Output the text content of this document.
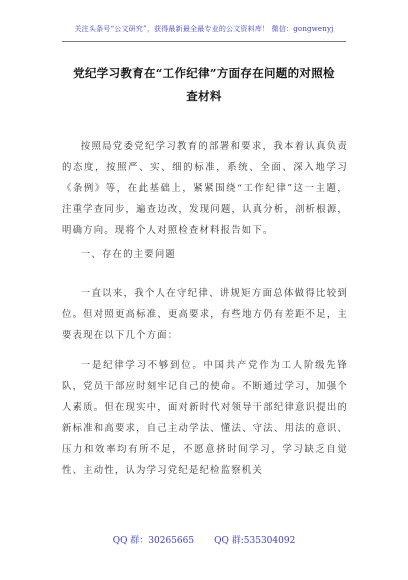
关注头条号“公文研究”，获得最新最全最专业的公文资料库！ 微信：gongwenyj
党纪学习教育在“工作纪律”方面存在问题的对照检查材料
按照局党委党纪学习教育的部署和要求，我本着认真负责的态度，按照严、实、细的标准，系统、全面、深入地学习《条例》等，在此基础上，紧紧围绕“工作纪律”这一主题，注重学查同步，遍查边改，发现问题，认真分析，剖析根源，明确方向。现将个人对照检查材料报告如下。
一、存在的主要问题
一直以来，我个人在守纪律、讲规矩方面总体做得比较到位。但对照更高标准、更高要求，有些地方仍有差距不足，主要表现在以下几个方面：
一是纪律学习不够到位。中国共产党作为工人阶级先锋队，党员干部应时刻牢记自己的使命。不断通过学习，加强个人素质。但在现实中，面对新时代对领导干部纪律意识提出的新标准和高要求，自己主动学法、懂法、守法、用法的意识、压力和效率均有所不足，不愿意挤时间学习，学习缺乏自觉性、主动性，认为学习党纪是纪检监察机关
QQ 群：30265665 QQ 群:535304092
